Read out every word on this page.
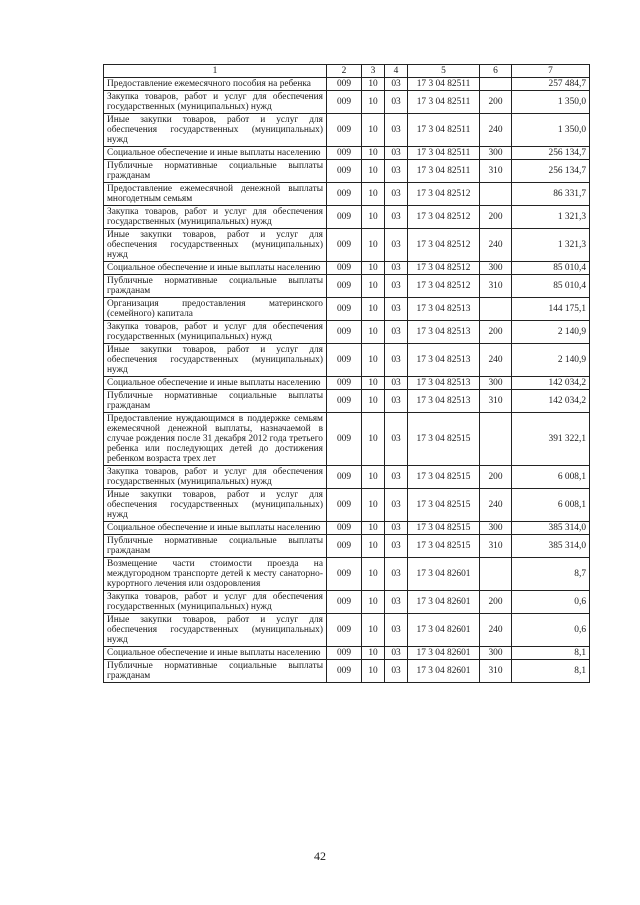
1	2	3	4	5	6	7
Предоставление ежемесячного пособия на ребенка	009	10	03	17 3 04 82511		257 484,7
Закупка товаров, работ и услуг для обеспечения государственных (муниципальных) нужд	009	10	03	17 3 04 82511	200	1 350,0
Иные закупки товаров, работ и услуг для обеспечения государственных (муниципальных) нужд	009	10	03	17 3 04 82511	240	1 350,0
Социальное обеспечение и иные выплаты населению	009	10	03	17 3 04 82511	300	256 134,7
Публичные нормативные социальные выплаты гражданам	009	10	03	17 3 04 82511	310	256 134,7
Предоставление ежемесячной денежной выплаты многодетным семьям	009	10	03	17 3 04 82512		86 331,7
Закупка товаров, работ и услуг для обеспечения государственных (муниципальных) нужд	009	10	03	17 3 04 82512	200	1 321,3
Иные закупки товаров, работ и услуг для обеспечения государственных (муниципальных) нужд	009	10	03	17 3 04 82512	240	1 321,3
Социальное обеспечение и иные выплаты населению	009	10	03	17 3 04 82512	300	85 010,4
Публичные нормативные социальные выплаты гражданам	009	10	03	17 3 04 82512	310	85 010,4
Организация предоставления материнского (семейного) капитала	009	10	03	17 3 04 82513		144 175,1
Закупка товаров, работ и услуг для обеспечения государственных (муниципальных) нужд	009	10	03	17 3 04 82513	200	2 140,9
Иные закупки товаров, работ и услуг для обеспечения государственных (муниципальных) нужд	009	10	03	17 3 04 82513	240	2 140,9
Социальное обеспечение и иные выплаты населению	009	10	03	17 3 04 82513	300	142 034,2
Публичные нормативные социальные выплаты гражданам	009	10	03	17 3 04 82513	310	142 034,2
Предоставление нуждающимся в поддержке семьям ежемесячной денежной выплаты, назначаемой в случае рождения после 31 декабря 2012 года третьего ребенка или последующих детей до достижения ребенком возраста трех лет	009	10	03	17 3 04 82515		391 322,1
Закупка товаров, работ и услуг для обеспечения государственных (муниципальных) нужд	009	10	03	17 3 04 82515	200	6 008,1
Иные закупки товаров, работ и услуг для обеспечения государственных (муниципальных) нужд	009	10	03	17 3 04 82515	240	6 008,1
Социальное обеспечение и иные выплаты населению	009	10	03	17 3 04 82515	300	385 314,0
Публичные нормативные социальные выплаты гражданам	009	10	03	17 3 04 82515	310	385 314,0
Возмещение части стоимости проезда на междугородном транспорте детей к месту санаторно-курортного лечения или оздоровления	009	10	03	17 3 04 82601		8,7
Закупка товаров, работ и услуг для обеспечения государственных (муниципальных) нужд	009	10	03	17 3 04 82601	200	0,6
Иные закупки товаров, работ и услуг для обеспечения государственных (муниципальных) нужд	009	10	03	17 3 04 82601	240	0,6
Социальное обеспечение и иные выплаты населению	009	10	03	17 3 04 82601	300	8,1
Публичные нормативные социальные выплаты гражданам	009	10	03	17 3 04 82601	310	8,1
42
